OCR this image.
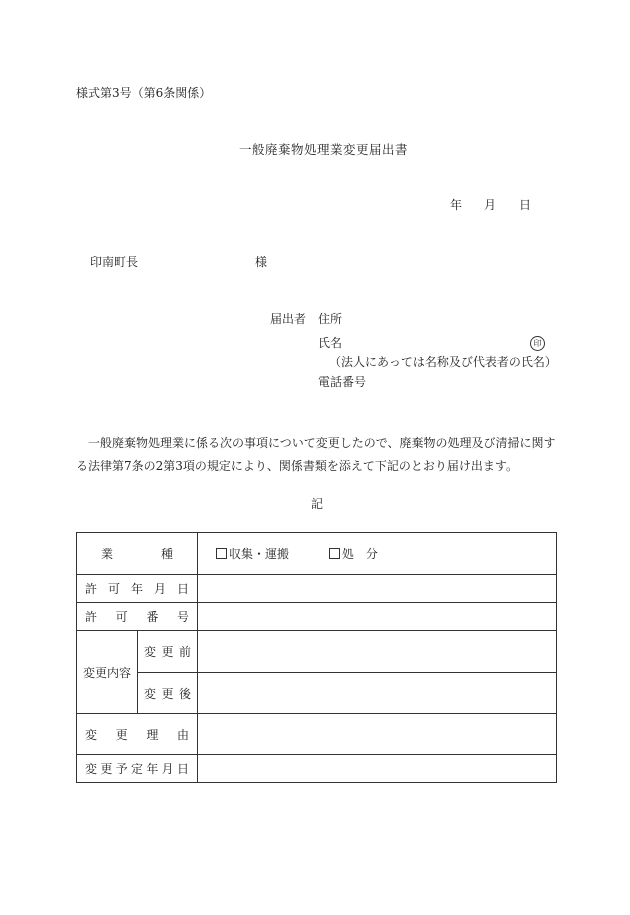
様式第3号（第6条関係）
一般廃棄物処理業変更届出書
年 月 日
印南町長	様
届出者 住所
氏名	印
（法人にあっては名称及び代表者の氏名）
電話番号
一般廃棄物処理業に係る次の事項について変更したので、廃棄物の処理及び清掃に関す
る法律第7条の2第3項の規定により、関係書類を添えて下記のとおり届け出ます。
記
業　　種		収集・運搬 処　分

許可年月日		

許可番号		

変更内容	変更前	

	変更後	

変更理由		

変更予定年月日		
